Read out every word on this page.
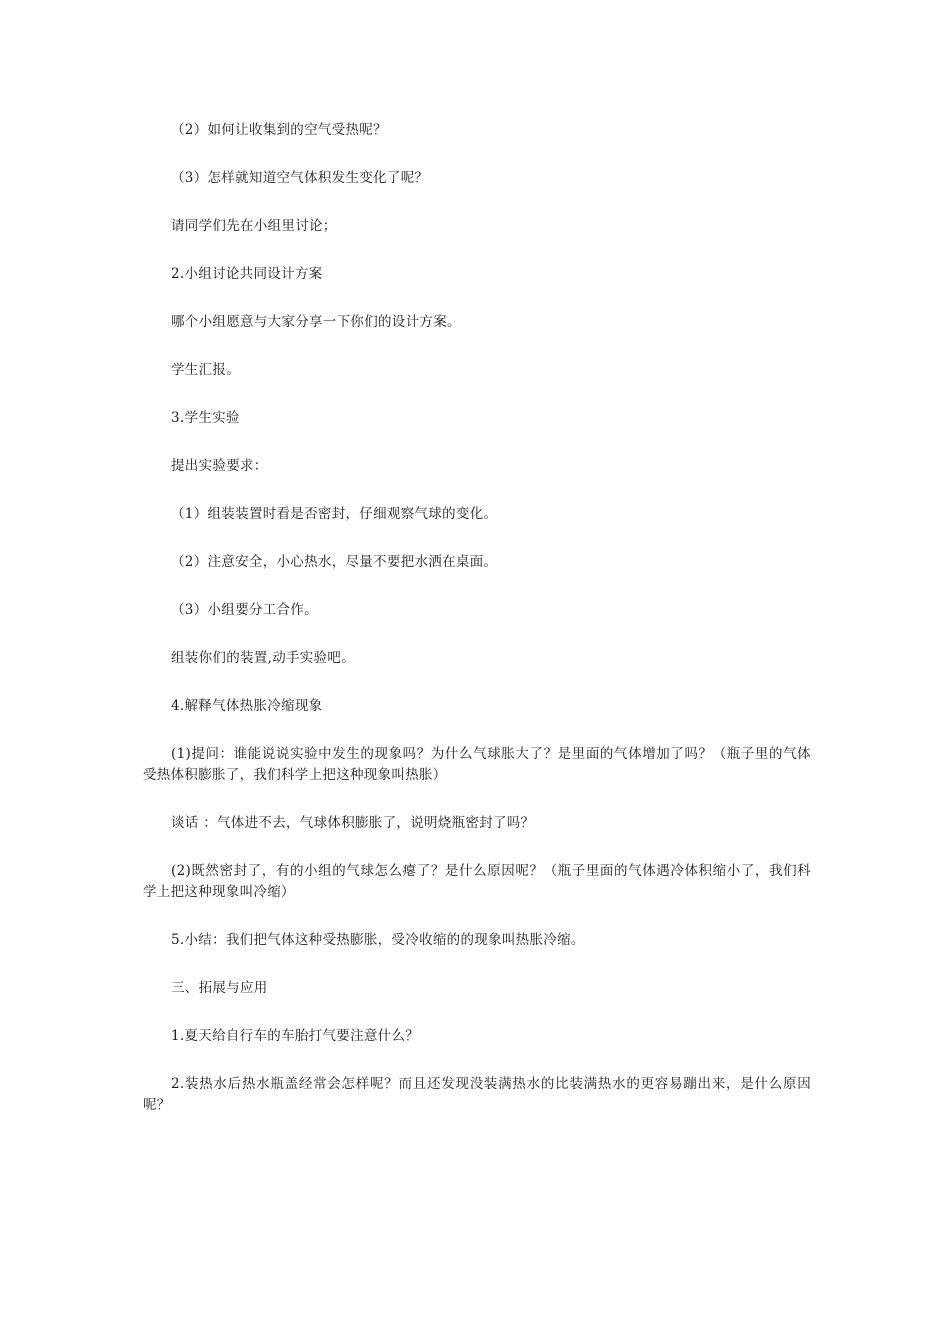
（2）如何让收集到的空气受热呢？

（3）怎样就知道空气体积发生变化了呢？

请同学们先在小组里讨论；

2.小组讨论共同设计方案

哪个小组愿意与大家分享一下你们的设计方案。

学生汇报。

3.学生实验

提出实验要求：

（1）组装装置时看是否密封，仔细观察气球的变化。

（2）注意安全，小心热水，尽量不要把水洒在桌面。

（3）小组要分工合作。

组装你们的装置,动手实验吧。

4.解释气体热胀冷缩现象

(1)提问：谁能说说实验中发生的现象吗？为什么气球胀大了？是里面的气体增加了吗？（瓶子里的气体受热体积膨胀了，我们科学上把这种现象叫热胀）

谈话 ：气体进不去，气球体积膨胀了，说明烧瓶密封了吗？

(2)既然密封了，有的小组的气球怎么瘪了？是什么原因呢？（瓶子里面的气体遇冷体积缩小了，我们科学上把这种现象叫冷缩）

5.小结：我们把气体这种受热膨胀，受冷收缩的的现象叫热胀冷缩。

三、拓展与应用

1.夏天给自行车的车胎打气要注意什么？

2.装热水后热水瓶盖经常会怎样呢？而且还发现没装满热水的比装满热水的更容易蹦出来，是什么原因呢？
